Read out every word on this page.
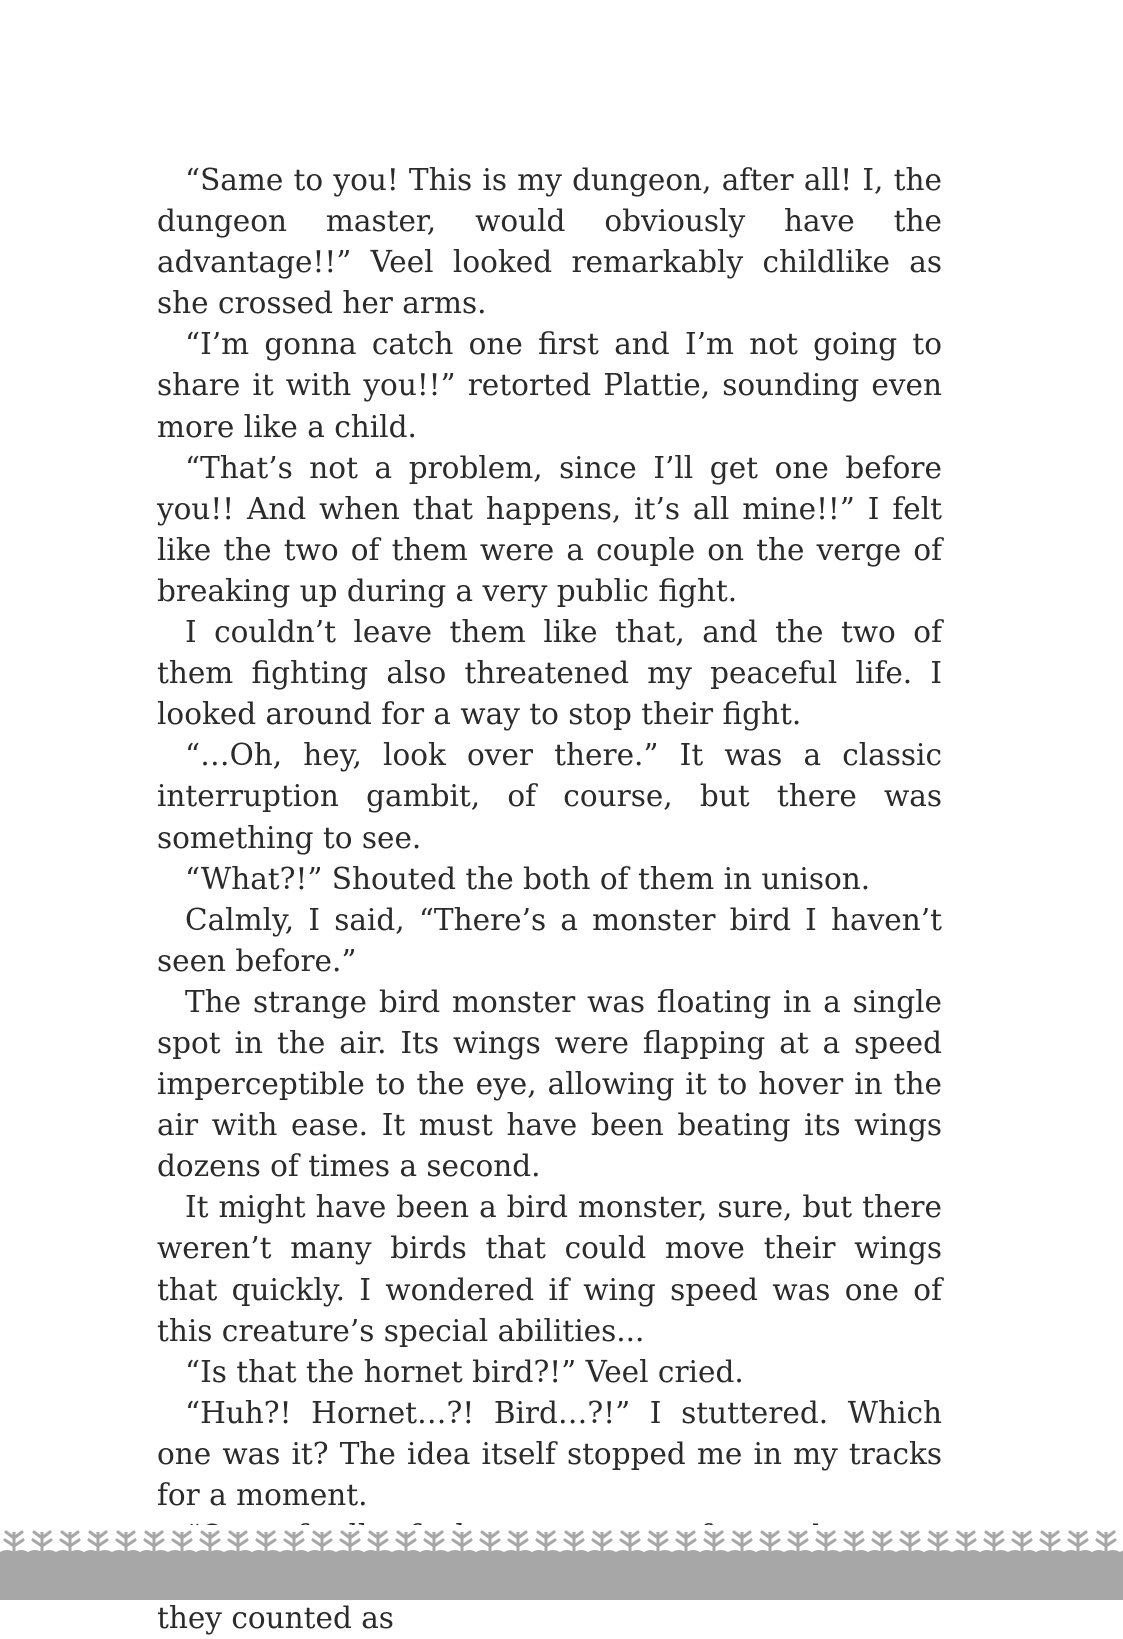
“Same to you! This is my dungeon, after all! I, the dungeon master, would obviously have the advantage!!” Veel looked remarkably childlike as she crossed her arms.

“I’m gonna catch one first and I’m not going to share it with you!!” retorted Plattie, sounding even more like a child.

“That’s not a problem, since I’ll get one before you!! And when that happens, it’s all mine!!” I felt like the two of them were a couple on the verge of breaking up during a very public fight.

I couldn’t leave them like that, and the two of them fighting also threatened my peaceful life. I looked around for a way to stop their fight.

“…Oh, hey, look over there.” It was a classic interruption gambit, of course, but there was something to see.

“What?!” Shouted the both of them in unison.

Calmly, I said, “There’s a monster bird I haven’t seen before.”

The strange bird monster was floating in a single spot in the air. Its wings were flapping at a speed imperceptible to the eye, allowing it to hover in the air with ease. It must have been beating its wings dozens of times a second.

It might have been a bird monster, sure, but there weren’t many birds that could move their wings that quickly. I wondered if wing speed was one of this creature’s special abilities...

“Is that the hornet bird?!” Veel cried.

“Huh?! Hornet…?! Bird…?!” I stuttered. Which one was it? The idea itself stopped me in my tracks for a moment.

they counted as
